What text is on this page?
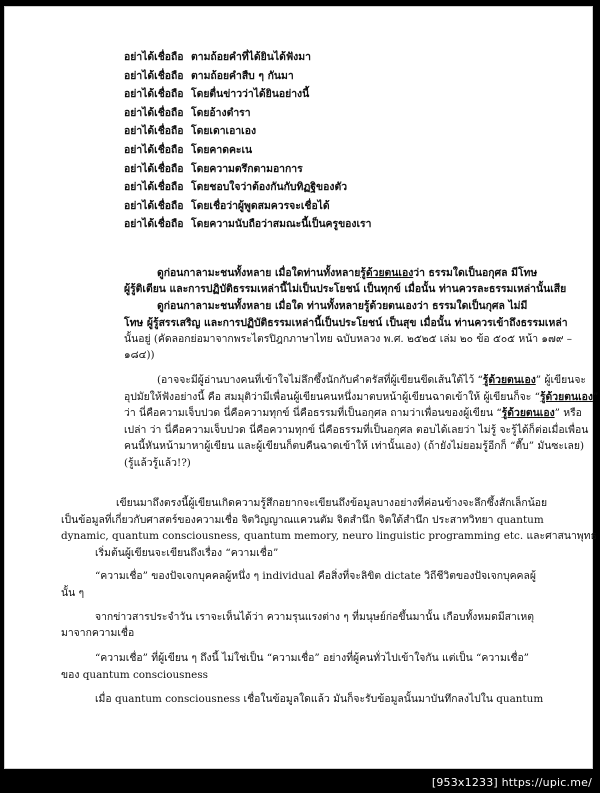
อย่าได้เชื่อถือ ตามถ้อยคำที่ได้ยินได้ฟังมา
อย่าได้เชื่อถือ ตามถ้อยคำสืบ ๆ กันมา
อย่าได้เชื่อถือ โดยตื่นข่าวว่าได้ยินอย่างนี้
อย่าได้เชื่อถือ โดยอ้างตำรา
อย่าได้เชื่อถือ โดยเดาเอาเอง
อย่าได้เชื่อถือ โดยคาดคะเน
อย่าได้เชื่อถือ โดยความตรึกตามอาการ
อย่าได้เชื่อถือ โดยชอบใจว่าต้องกันกับทิฏฐิของตัว
อย่าได้เชื่อถือ โดยเชื่อว่าผู้พูดสมควรจะเชื่อได้
อย่าได้เชื่อถือ โดยความนับถือว่าสมณะนี้เป็นครูของเรา
ดูก่อนกาลามะชนทั้งหลาย เมื่อใดท่านทั้งหลายรู้ด้วยตนเองว่า ธรรมใดเป็นอกุศล มีโทษ
ผู้รู้ติเตียน และการปฏิบัติธรรมเหล่านี้ไม่เป็นประโยชน์ เป็นทุกข์ เมื่อนั้น ท่านควรละธรรมเหล่านั้นเสีย
ดูก่อนกาลามะชนทั้งหลาย เมื่อใด ท่านทั้งหลายรู้ด้วยตนเองว่า ธรรมใดเป็นกุศล ไม่มี
โทษ ผู้รู้สรรเสริญ และการปฏิบัติธรรมเหล่านี้เป็นประโยชน์ เป็นสุข เมื่อนั้น ท่านควรเข้าถึงธรรมเหล่า
นั้นอยู่ (คัดลอกย่อมาจากพระไตรปิฎกภาษาไทย ฉบับหลวง พ.ศ. ๒๕๒๕ เล่ม ๒๐ ข้อ ๕๐๕ หน้า ๑๗๙ –
๑๘๔))
(อาจจะมีผู้อ่านบางคนที่เข้าใจไม่ลึกซึ้งนักกับคำตรัสที่ผู้เขียนขีดเส้นใต้ไว้ “รู้ด้วยตนเอง” ผู้เขียนจะ
อุปมัยให้ฟังอย่างนี้ คือ สมมุติว่ามีเพื่อนผู้เขียนคนหนึ่งมาตบหน้าผู้เขียนฉาดเข้าให้ ผู้เขียนก็จะ “รู้ด้วยตนเอง”
ว่า นี่คือความเจ็บปวด นี่คือความทุกข์ นี่คือธรรมที่เป็นอกุศล ถามว่าเพื่อนของผู้เขียน “รู้ด้วยตนเอง” หรือ
เปล่า ว่า นี่คือความเจ็บปวด นี่คือความทุกข์ นี่คือธรรมที่เป็นอกุศล ตอบได้เลยว่า ไม่รู้ จะรู้ได้ก็ต่อเมื่อเพื่อน
คนนี้หันหน้ามาหาผู้เขียน และผู้เขียนก็ตบคืนฉาดเข้าให้ เท่านั้นเอง) (ถ้ายังไม่ยอมรู้อีกก็ “ตื๊บ” มันซะเลย)
(รู้แล้วรู้แล้ว!?)
เขียนมาถึงตรงนี้ผู้เขียนเกิดความรู้สึกอยากจะเขียนถึงข้อมูลบางอย่างที่ค่อนข้างจะลึกซึ้งสักเล็กน้อย
เป็นข้อมูลที่เกี่ยวกับศาสตร์ของความเชื่อ จิตวิญญาณแควนตัม จิตสำนึก จิตใต้สำนึก ประสาทวิทยา quantum
dynamic, quantum consciousness, quantum memory, neuro linguistic programming etc. และศาสนาพุทธ
เริ่มต้นผู้เขียนจะเขียนถึงเรื่อง “ความเชื่อ”
“ความเชื่อ” ของปัจเจกบุคคลผู้หนึ่ง ๆ individual คือสิ่งที่จะลิขิต dictate วิถีชีวิตของปัจเจกบุคคลผู้
นั้น ๆ
จากข่าวสารประจำวัน เราจะเห็นได้ว่า ความรุนแรงต่าง ๆ ที่มนุษย์ก่อขึ้นมานั้น เกือบทั้งหมดมีสาเหตุ
มาจากความเชื่อ
“ความเชื่อ” ที่ผู้เขียน ๆ ถึงนี้ ไม่ใช่เป็น “ความเชื่อ” อย่างที่ผู้คนทั่วไปเข้าใจกัน แต่เป็น “ความเชื่อ”
ของ quantum consciousness
เมื่อ quantum consciousness เชื่อในข้อมูลใดแล้ว มันก็จะรับข้อมูลนั้นมาบันทึกลงไปใน quantum
[953x1233] https://upic.me/
